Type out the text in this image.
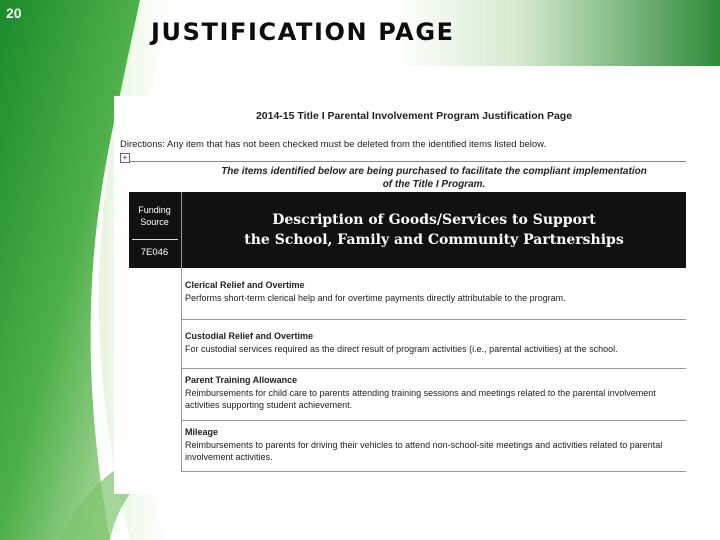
20
JUSTIFICATION PAGE
2014-15 Title I Parental Involvement Program Justification Page
Directions: Any item that has not been checked must be deleted from the identified items listed below.
+
The items identified below are being purchased to facilitate the compliant implementation
of the Title I Program.
Funding
Source
7E046
Description of Goods/Services to Support
the School, Family and Community Partnerships
Clerical Relief and Overtime
Performs short-term clerical help and for overtime payments directly attributable to the program.
Custodial Relief and Overtime
For custodial services required as the direct result of program activities (i.e., parental activities) at the school.
Parent Training Allowance
Reimbursements for child care to parents attending training sessions and meetings related to the parental involvement activities supporting student achievement.
Mileage
Reimbursements to parents for driving their vehicles to attend non-school-site meetings and activities related to parental involvement activities.
